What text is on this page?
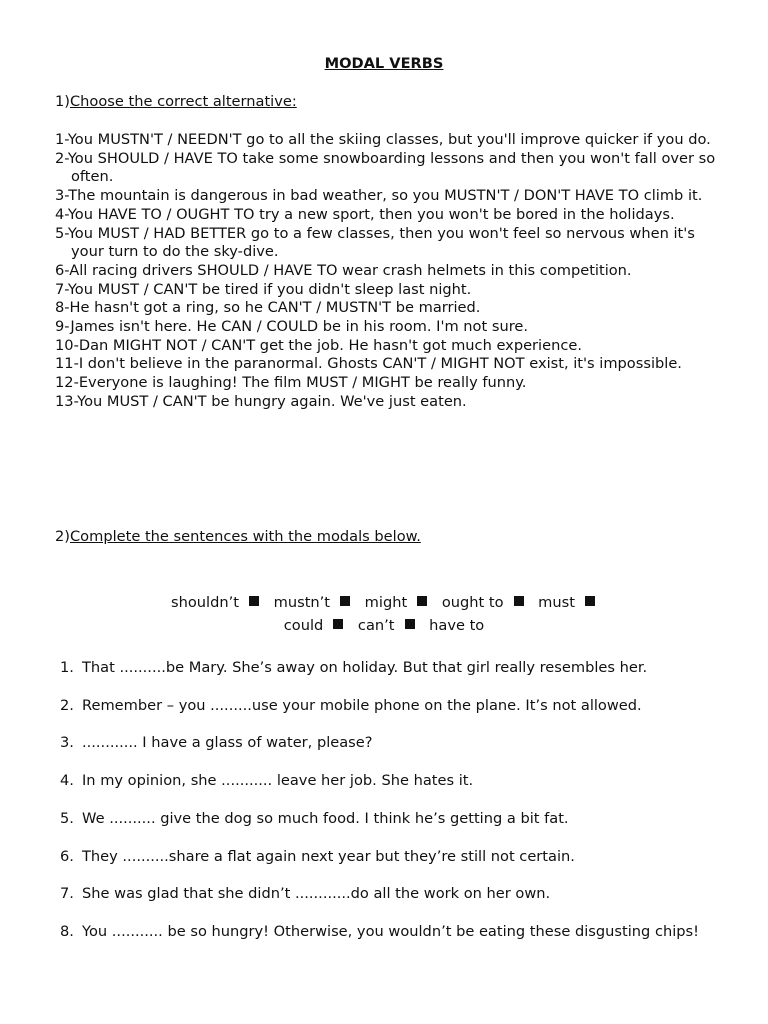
MODAL VERBS
1)Choose the correct alternative:
1-You MUSTN'T / NEEDN'T go to all the skiing classes, but you'll improve quicker if you do.
2-You SHOULD / HAVE TO take some snowboarding lessons and then you won't fall over so often.
3-The mountain is dangerous in bad weather, so you MUSTN'T / DON'T HAVE TO climb it.
4-You HAVE TO / OUGHT TO try a new sport, then you won't be bored in the holidays.
5-You MUST / HAD BETTER go to a few classes, then you won't feel so nervous when it's your turn to do the sky-dive.
6-All racing drivers SHOULD / HAVE TO wear crash helmets in this competition.
7-You MUST / CAN'T be tired if you didn't sleep last night.
8-He hasn't got a ring, so he CAN'T / MUSTN'T be married.
9-James isn't here. He CAN / COULD be in his room. I'm not sure.
10-Dan MIGHT NOT / CAN'T get the job. He hasn't got much experience.
11-I don't believe in the paranormal. Ghosts CAN'T / MIGHT NOT exist, it's impossible.
12-Everyone is laughing! The film MUST / MIGHT be really funny.
13-You MUST / CAN'T be hungry again. We've just eaten.
2)Complete the sentences with the modals below.
shouldn’t mustn’t might ought to must
could can’t have to
1. That ..........be Mary. She’s away on holiday. But that girl really resembles her.
2. Remember – you .........use your mobile phone on the plane. It’s not allowed.
3. ............ I have a glass of water, please?
4. In my opinion, she ........... leave her job. She hates it.
5. We .......... give the dog so much food. I think he’s getting a bit fat.
6. They ..........share a flat again next year but they’re still not certain.
7. She was glad that she didn’t ............do all the work on her own.
8. You ........... be so hungry! Otherwise, you wouldn’t be eating these disgusting chips!
